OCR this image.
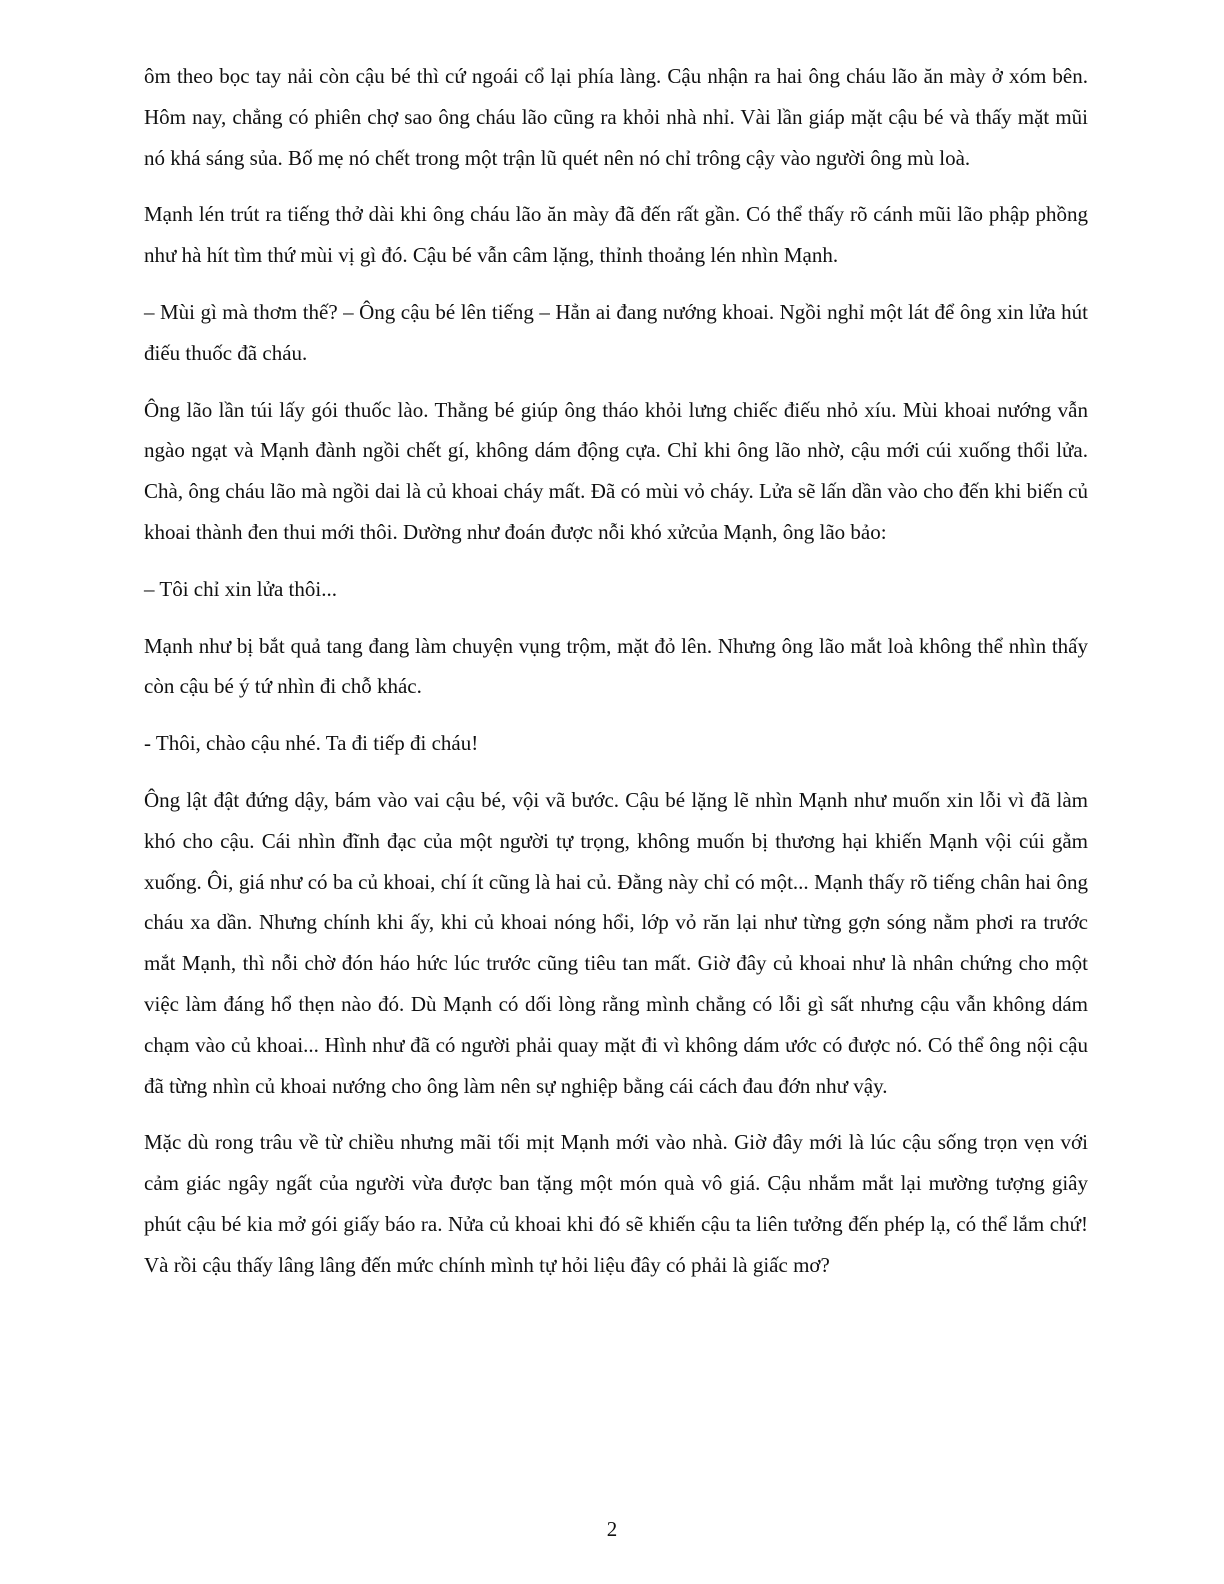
ôm theo bọc tay nải còn cậu bé thì cứ ngoái cổ lại phía làng. Cậu nhận ra hai ông cháu lão ăn mày ở xóm bên. Hôm nay, chẳng có phiên chợ sao ông cháu lão cũng ra khỏi nhà nhỉ. Vài lần giáp mặt cậu bé và thấy mặt mũi nó khá sáng sủa. Bố mẹ nó chết trong một trận lũ quét nên nó chỉ trông cậy vào người ông mù loà.

Mạnh lén trút ra tiếng thở dài khi ông cháu lão ăn mày đã đến rất gần. Có thể thấy rõ cánh mũi lão phập phồng như hà hít tìm thứ mùi vị gì đó. Cậu bé vẫn câm lặng, thỉnh thoảng lén nhìn Mạnh.

– Mùi gì mà thơm thế? – Ông cậu bé lên tiếng – Hẳn ai đang nướng khoai. Ngồi nghỉ một lát để ông xin lửa hút điếu thuốc đã cháu.

Ông lão lần túi lấy gói thuốc lào. Thằng bé giúp ông tháo khỏi lưng chiếc điếu nhỏ xíu. Mùi khoai nướng vẫn ngào ngạt và Mạnh đành ngồi chết gí, không dám động cựa. Chỉ khi ông lão nhờ, cậu mới cúi xuống thổi lửa. Chà, ông cháu lão mà ngồi dai là củ khoai cháy mất. Đã có mùi vỏ cháy. Lửa sẽ lấn dần vào cho đến khi biến củ khoai thành đen thui mới thôi. Dường như đoán được nỗi khó xửcủa Mạnh, ông lão bảo:

– Tôi chỉ xin lửa thôi...

Mạnh như bị bắt quả tang đang làm chuyện vụng trộm, mặt đỏ lên. Nhưng ông lão mắt loà không thể nhìn thấy còn cậu bé ý tứ nhìn đi chỗ khác.

- Thôi, chào cậu nhé. Ta đi tiếp đi cháu!

Ông lật đật đứng dậy, bám vào vai cậu bé, vội vã bước. Cậu bé lặng lẽ nhìn Mạnh như muốn xin lỗi vì đã làm khó cho cậu. Cái nhìn đĩnh đạc của một người tự trọng, không muốn bị thương hại khiến Mạnh vội cúi gằm xuống. Ôi, giá như có ba củ khoai, chí ít cũng là hai củ. Đằng này chỉ có một... Mạnh thấy rõ tiếng chân hai ông cháu xa dần. Nhưng chính khi ấy, khi củ khoai nóng hổi, lớp vỏ răn lại như từng gợn sóng nằm phơi ra trước mắt Mạnh, thì nỗi chờ đón háo hức lúc trước cũng tiêu tan mất. Giờ đây củ khoai như là nhân chứng cho một việc làm đáng hổ thẹn nào đó. Dù Mạnh có dối lòng rằng mình chẳng có lỗi gì sất nhưng cậu vẫn không dám chạm vào củ khoai... Hình như đã có người phải quay mặt đi vì không dám ước có được nó. Có thể ông nội cậu đã từng nhìn củ khoai nướng cho ông làm nên sự nghiệp bằng cái cách đau đớn như vậy.

Mặc dù rong trâu về từ chiều nhưng mãi tối mịt Mạnh mới vào nhà. Giờ đây mới là lúc cậu sống trọn vẹn với cảm giác ngây ngất của người vừa được ban tặng một món quà vô giá. Cậu nhắm mắt lại mường tượng giây phút cậu bé kia mở gói giấy báo ra. Nửa củ khoai khi đó sẽ khiến cậu ta liên tưởng đến phép lạ, có thể lắm chứ! Và rồi cậu thấy lâng lâng đến mức chính mình tự hỏi liệu đây có phải là giấc mơ?

2
